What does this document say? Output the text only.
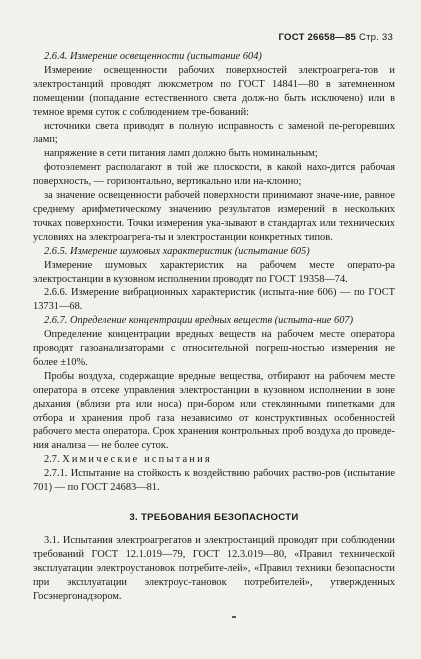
ГОСТ 26658—85 Стр. 33

2.6.4. Измерение освещенности (испытание 604)

Измерение освещенности рабочих поверхностей электроагрега-тов и электростанций проводят люксметром по ГОСТ 14841—80 в затемненном помещении (попадание естественного света долж-но быть исключено) или в темное время суток с соблюдением тре-бований:

источники света приводят в полную исправность с заменой пе-регоревших ламп;

напряжение в сети питания ламп должно быть номинальным;

фотоэлемент располагают в той же плоскости, в какой нахо-дится рабочая поверхность, — горизонтально, вертикально или на-клонно;

за значение освещенности рабочей поверхности принимают значе-ние, равное среднему арифметическому значению результатов измерений в нескольких точках поверхности. Точки измерения ука-зывают в стандартах или технических условиях на электроагрега-ты и электростанции конкретных типов.

2.6.5. Измерение шумовых характеристик (испытание 605)

Измерение шумовых характеристик на рабочем месте операто-ра электростанции в кузовном исполнении проводят по ГОСТ 19358—74.

2.6.6. Измерение вибрационных характеристик (испыта-ние 606) — по ГОСТ 13731—68.

2.6.7. Определение концентрации вредных веществ (испыта-ние 607)

Определение концентрации вредных веществ на рабочем месте оператора проводят газоанализаторами с относительной погреш-ностью измерения не более ±10%.

Пробы воздуха, содержащие вредные вещества, отбирают на рабочем месте оператора в отсеке управления электростанции в кузовном исполнении в зоне дыхания (вблизи рта или носа) при-бором или стеклянными пипетками для отбора и хранения проб газа независимо от конструктивных особенностей рабочего места оператора. Срок хранения контрольных проб воздуха до проведе-ния анализа — не более суток.

2.7. Химические испытания

2.7.1. Испытание на стойкость к воздействию рабочих раство-ров (испытание 701) — по ГОСТ 24683—81.

3. ТРЕБОВАНИЯ БЕЗОПАСНОСТИ

3.1. Испытания электроагрегатов и электростанций проводят при соблюдении требований ГОСТ 12.1.019—79, ГОСТ 12.3.019—80, «Правил технической эксплуатации электроустановок потребите-лей», «Правил техники безопасности при эксплуатации электроус-тановок потребителей», утвержденных Госэнергонадзором.
